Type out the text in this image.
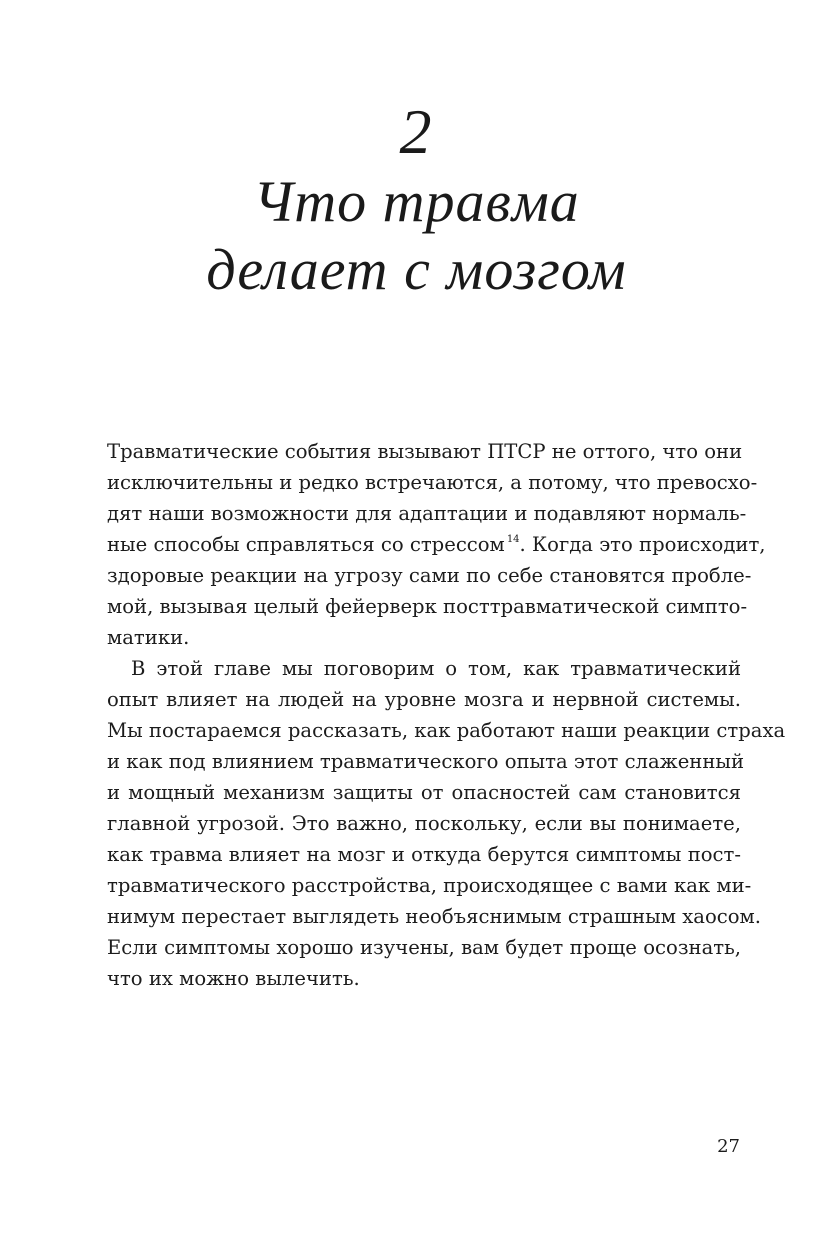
2
Что травма
делает с мозгом
Травматические события вызывают ПТСР не оттого, что они
исключительны и редко встречаются, а потому, что превосхо-
дят наши возможности для адаптации и подавляют нормаль-
ные способы справляться со стрессом $^{14}$. Когда это происходит,
здоровые реакции на угрозу сами по себе становятся пробле-
мой, вызывая целый фейерверк посттравматической симпто-
матики.
В этой главе мы поговорим о том, как травматический
опыт влияет на людей на уровне мозга и нервной системы.
Мы постараемся рассказать, как работают наши реакции страха
и как под влиянием травматического опыта этот слаженный
и мощный механизм защиты от опасностей сам становится
главной угрозой. Это важно, поскольку, если вы понимаете,
как травма влияет на мозг и откуда берутся симптомы пост-
травматического расстройства, происходящее с вами как ми-
нимум перестает выглядеть необъяснимым страшным хаосом.
Если симптомы хорошо изучены, вам будет проще осознать,
что их можно вылечить.
27
